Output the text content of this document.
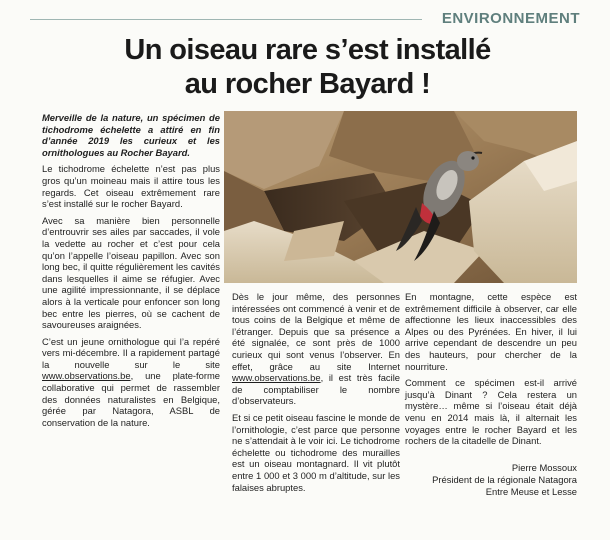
ENVIRONNEMENT
Un oiseau rare s’est installé
au rocher Bayard !

Merveille de la nature, un spécimen de tichodrome échelette a attiré en fin d’année 2019 les curieux et les ornithologues au Rocher Bayard.

Le tichodrome échelette n’est pas plus gros qu’un moineau mais il attire tous les regards. Cet oiseau extrêmement rare s’est installé sur le rocher Bayard.

Avec sa manière bien personnelle d’entrouvrir ses ailes par saccades, il vole la vedette au rocher et c’est pour cela qu’on l’appelle l’oiseau papillon. Avec son long bec, il quitte régulièrement les cavités dans lesquelles il aime se réfugier. Avec une agilité impressionnante, il se déplace alors à la verticale pour enfoncer son long bec entre les pierres, où se cachent de savoureuses araignées.

C’est un jeune ornithologue qui l’a repéré vers mi-décembre. Il a rapidement partagé la nouvelle sur le site www.observations.be, une plate-forme collaborative qui permet de rassembler des données naturalistes en Belgique, gérée par Natagora, ASBL de conservation de la nature.

Dès le jour même, des personnes intéressées ont commencé à venir et de tous coins de la Belgique et même de l’étranger. Depuis que sa présence a été signalée, ce sont près de 1000 curieux qui sont venus l’observer. En effet, grâce au site Internet www.observations.be, il est très facile de comptabiliser le nombre d’observateurs.

Et si ce petit oiseau fascine le monde de l’ornithologie, c’est parce que personne ne s’attendait à le voir ici. Le tichodrome échelette ou tichodrome des murailles est un oiseau montagnard. Il vit plutôt entre 1 000 et 3 000 m d’altitude, sur les falaises abruptes.

En montagne, cette espèce est extrêmement difficile à observer, car elle affectionne les lieux inaccessibles des Alpes ou des Pyrénées. En hiver, il lui arrive cependant de descendre un peu des hauteurs, pour chercher de la nourriture.

Comment ce spécimen est-il arrivé jusqu’à Dinant ? Cela restera un mystère… même si l’oiseau était déjà venu en 2014 mais là, il alternait les voyages entre le rocher Bayard et les rochers de la citadelle de Dinant.

Pierre Mossoux
Président de la régionale Natagora
Entre Meuse et Lesse
